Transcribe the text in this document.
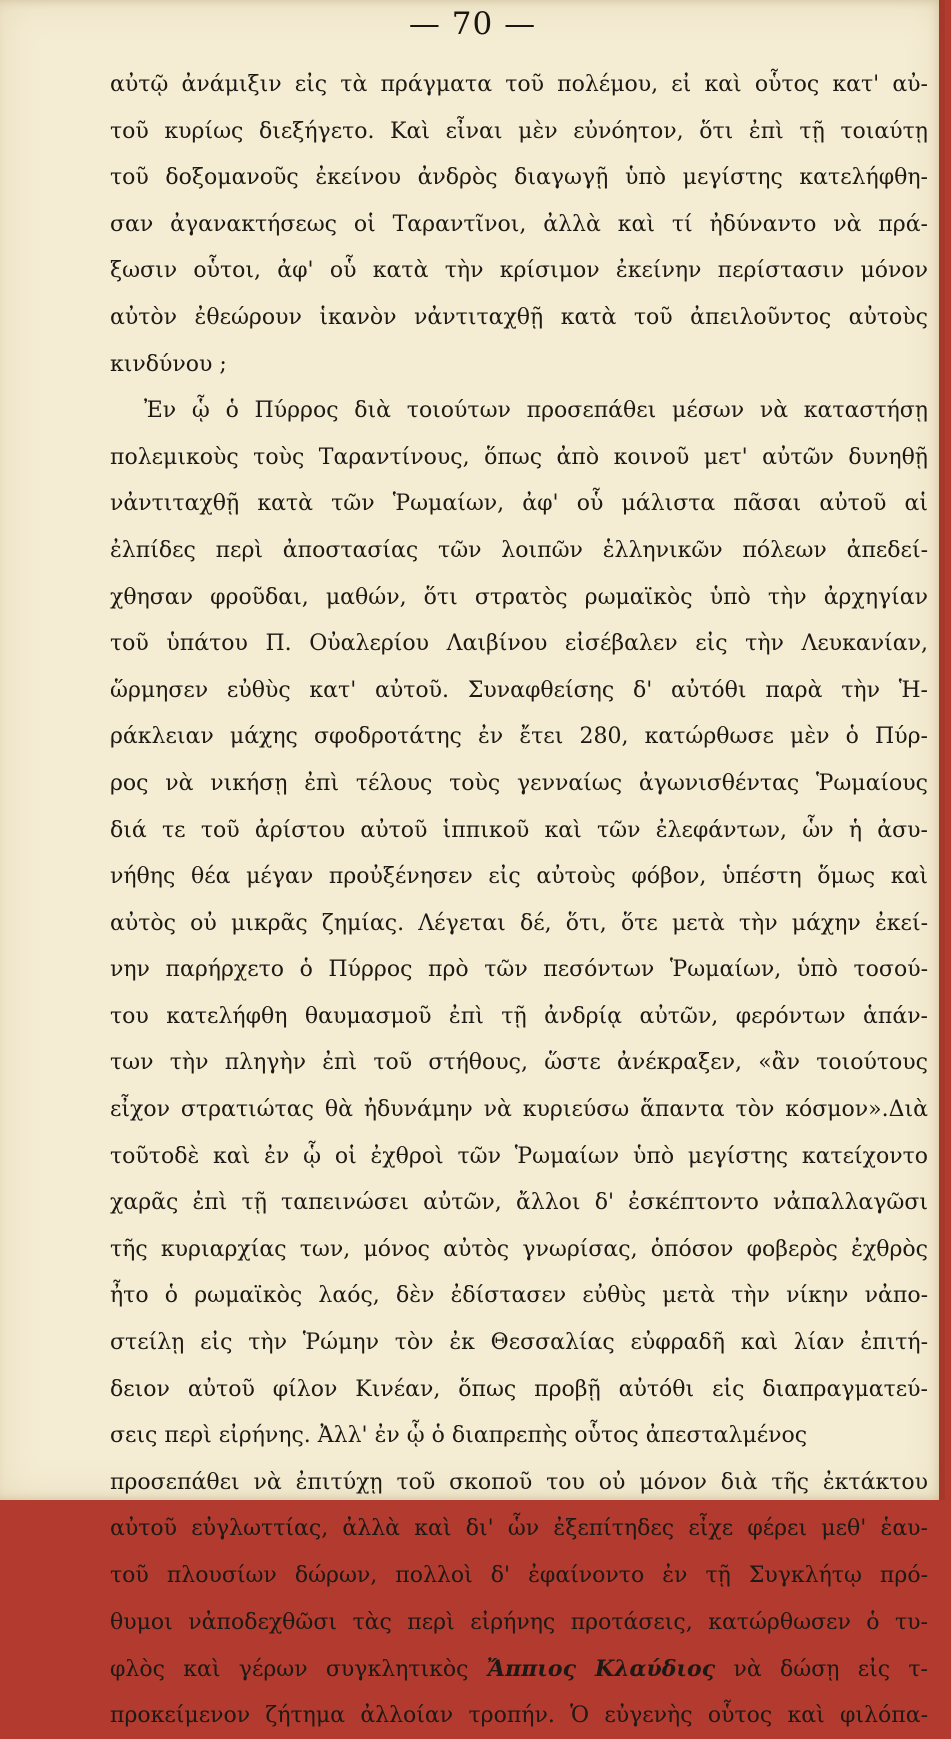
— 70 —
αὐτῷ ἀνάμιξιν εἰς τὰ πράγματα τοῦ πολέμου, εἰ καὶ οὗτος κατ' αὐ-
τοῦ κυρίως διεξήγετο. Καὶ εἶναι μὲν εὐνόητον, ὅτι ἐπὶ τῇ τοιαύτῃ
τοῦ δοξομανοῦς ἐκείνου ἀνδρὸς διαγωγῇ ὑπὸ μεγίστης κατελήφθη-
σαν ἀγανακτήσεως οἱ Ταραντῖνοι, ἀλλὰ καὶ τί ἠδύναντο νὰ πρά-
ξωσιν οὗτοι, ἀφ' οὗ κατὰ τὴν κρίσιμον ἐκείνην περίστασιν μόνον
αὐτὸν ἐθεώρουν ἱκανὸν νἀντιταχθῇ κατὰ τοῦ ἀπειλοῦντος αὐτοὺς
κινδύνου ;
Ἐν ᾧ ὁ Πύρρος διὰ τοιούτων προσεπάθει μέσων νὰ καταστήσῃ
πολεμικοὺς τοὺς Ταραντίνους, ὅπως ἀπὸ κοινοῦ μετ' αὐτῶν δυνηθῇ
νἀντιταχθῇ κατὰ τῶν Ῥωμαίων, ἀφ' οὗ μάλιστα πᾶσαι αὐτοῦ αἱ
ἐλπίδες περὶ ἀποστασίας τῶν λοιπῶν ἑλληνικῶν πόλεων ἀπεδεί-
χθησαν φροῦδαι, μαθών, ὅτι στρατὸς ρωμαϊκὸς ὑπὸ τὴν ἀρχηγίαν
τοῦ ὑπάτου Π. Οὐαλερίου Λαιβίνου εἰσέβαλεν εἰς τὴν Λευκανίαν,
ὥρμησεν εὐθὺς κατ' αὐτοῦ. Συναφθείσης δ' αὐτόθι παρὰ τὴν Ἡ-
ράκλειαν μάχης σφοδροτάτης ἐν ἔτει 280, κατώρθωσε μὲν ὁ Πύρ-
ρος νὰ νικήσῃ ἐπὶ τέλους τοὺς γενναίως ἀγωνισθέντας Ῥωμαίους
διά τε τοῦ ἀρίστου αὐτοῦ ἱππικοῦ καὶ τῶν ἐλεφάντων, ὧν ἡ ἀσυ-
νήθης θέα μέγαν προὐξένησεν εἰς αὐτοὺς φόβον, ὑπέστη ὅμως καὶ
αὐτὸς οὐ μικρᾶς ζημίας. Λέγεται δέ, ὅτι, ὅτε μετὰ τὴν μάχην ἐκεί-
νην παρήρχετο ὁ Πύρρος πρὸ τῶν πεσόντων Ῥωμαίων, ὑπὸ τοσού-
του κατελήφθη θαυμασμοῦ ἐπὶ τῇ ἀνδρίᾳ αὐτῶν, φερόντων ἁπάν-
των τὴν πληγὴν ἐπὶ τοῦ στήθους, ὥστε ἀνέκραξεν, «ἂν τοιούτους
εἶχον στρατιώτας θὰ ἠδυνάμην νὰ κυριεύσω ἅπαντα τὸν κόσμον».Διὰ
τοῦτοδὲ καὶ ἐν ᾧ οἱ ἐχθροὶ τῶν Ῥωμαίων ὑπὸ μεγίστης κατείχοντο
χαρᾶς ἐπὶ τῇ ταπεινώσει αὐτῶν, ἄλλοι δ' ἐσκέπτοντο νἀπαλλαγῶσι
τῆς κυριαρχίας των, μόνος αὐτὸς γνωρίσας, ὁπόσον φοβερὸς ἐχθρὸς
ἦτο ὁ ρωμαϊκὸς λαός, δὲν ἐδίστασεν εὐθὺς μετὰ τὴν νίκην νἀπο-
στείλῃ εἰς τὴν Ῥώμην τὸν ἐκ Θεσσαλίας εὐφραδῆ καὶ λίαν ἐπιτή-
δειον αὐτοῦ φίλον Κινέαν, ὅπως προβῇ αὐτόθι εἰς διαπραγματεύ-
σεις περὶ εἰρήνης. Ἀλλ' ἐν ᾧ ὁ διαπρεπὴς οὗτος ἀπεσταλμένος
προσεπάθει νὰ ἐπιτύχῃ τοῦ σκοποῦ του οὐ μόνον διὰ τῆς ἐκτάκτου
αὐτοῦ εὐγλωττίας, ἀλλὰ καὶ δι' ὧν ἐξεπίτηδες εἶχε φέρει μεθ' ἑαυ-
τοῦ πλουσίων δώρων, πολλοὶ δ' ἐφαίνοντο ἐν τῇ Συγκλήτῳ πρό-
θυμοι νἀποδεχθῶσι τὰς περὶ εἰρήνης προτάσεις, κατώρθωσεν ὁ τυ-
φλὸς καὶ γέρων συγκλητικὸς Ἄππιος Κλαύδιος νὰ δώσῃ εἰς τ-
προκείμενον ζήτημα ἀλλοίαν τροπήν. Ὁ εὐγενὴς οὗτος καὶ φιλόπα-
